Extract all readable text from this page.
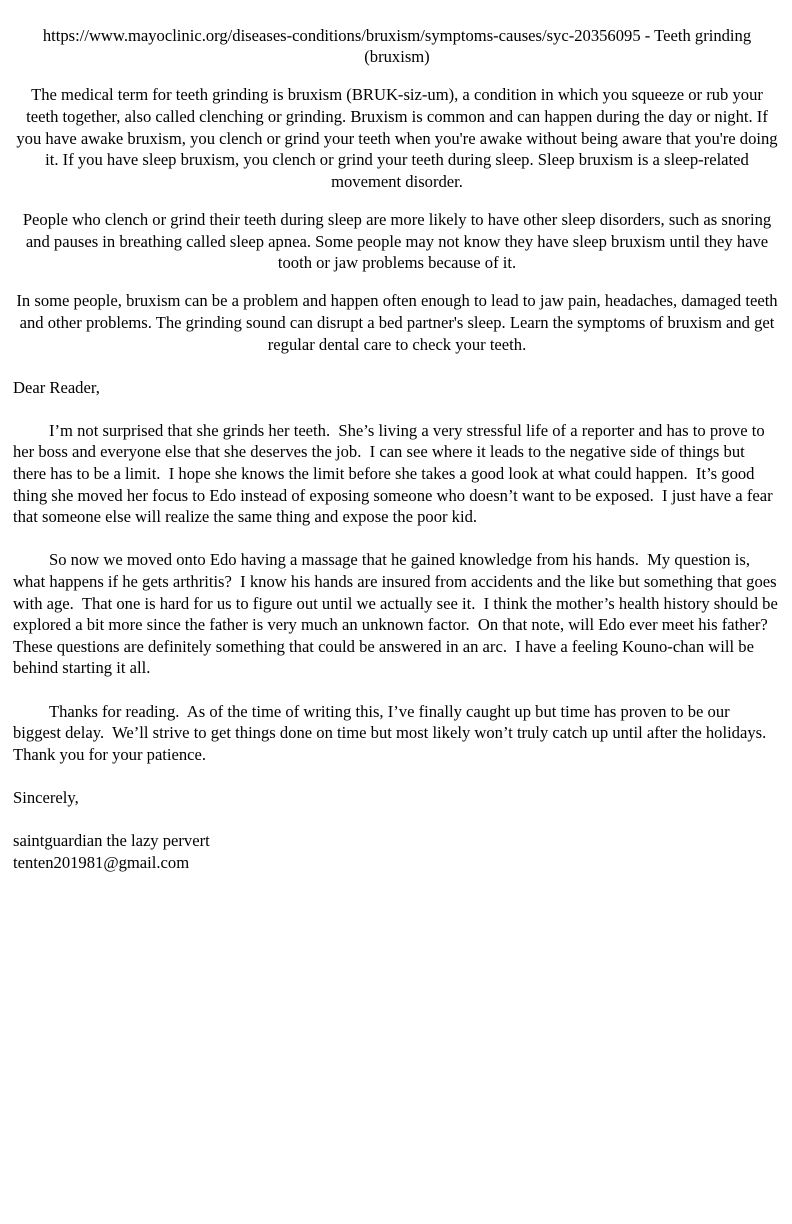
https://www.mayoclinic.org/diseases-conditions/bruxism/symptoms-causes/syc-20356095 - Teeth grinding (bruxism)

The medical term for teeth grinding is bruxism (BRUK-siz-um), a condition in which you squeeze or rub your teeth together, also called clenching or grinding. Bruxism is common and can happen during the day or night. If you have awake bruxism, you clench or grind your teeth when you're awake without being aware that you're doing it. If you have sleep bruxism, you clench or grind your teeth during sleep. Sleep bruxism is a sleep-related movement disorder.

People who clench or grind their teeth during sleep are more likely to have other sleep disorders, such as snoring and pauses in breathing called sleep apnea. Some people may not know they have sleep bruxism until they have tooth or jaw problems because of it.

In some people, bruxism can be a problem and happen often enough to lead to jaw pain, headaches, damaged teeth and other problems. The grinding sound can disrupt a bed partner's sleep. Learn the symptoms of bruxism and get regular dental care to check your teeth.

Dear Reader,

I’m not surprised that she grinds her teeth.  She’s living a very stressful life of a reporter and has to prove to her boss and everyone else that she deserves the job.  I can see where it leads to the negative side of things but there has to be a limit.  I hope she knows the limit before she takes a good look at what could happen.  It’s good thing she moved her focus to Edo instead of exposing someone who doesn’t want to be exposed.  I just have a fear that someone else will realize the same thing and expose the poor kid.

So now we moved onto Edo having a massage that he gained knowledge from his hands.  My question is, what happens if he gets arthritis?  I know his hands are insured from accidents and the like but something that goes with age.  That one is hard for us to figure out until we actually see it.  I think the mother’s health history should be explored a bit more since the father is very much an unknown factor.  On that note, will Edo ever meet his father?  These questions are definitely something that could be answered in an arc.  I have a feeling Kouno-chan will be behind starting it all.

Thanks for reading.  As of the time of writing this, I’ve finally caught up but time has proven to be our biggest delay.  We’ll strive to get things done on time but most likely won’t truly catch up until after the holidays.  Thank you for your patience.

Sincerely,

saintguardian the lazy pervert

tenten201981@gmail.com
